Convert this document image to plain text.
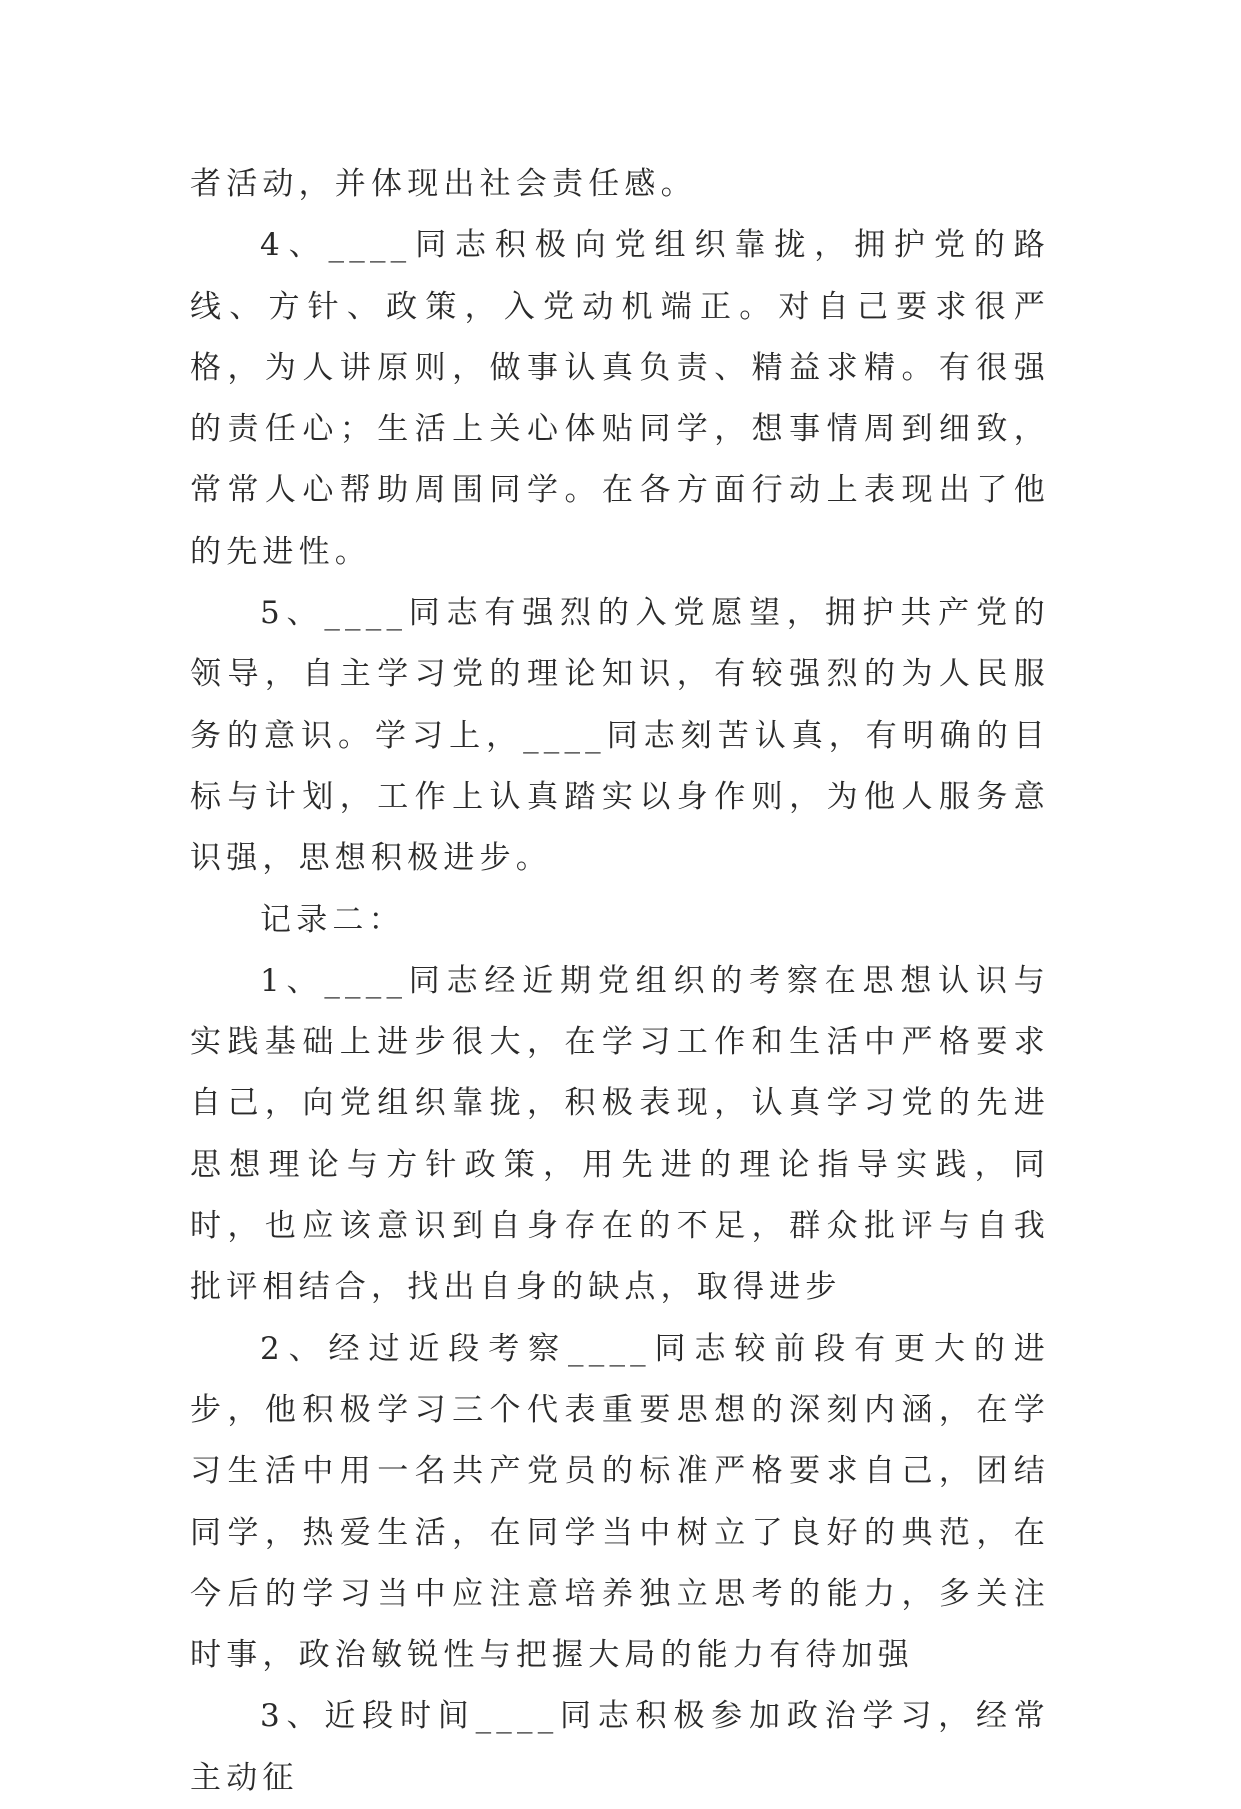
者活动，并体现出社会责任感。

4、____同志积极向党组织靠拢，拥护党的路线、方针、政策，入党动机端正。对自己要求很严格，为人讲原则，做事认真负责、精益求精。有很强的责任心；生活上关心体贴同学，想事情周到细致，常常人心帮助周围同学。在各方面行动上表现出了他的先进性。

5、____同志有强烈的入党愿望，拥护共产党的领导，自主学习党的理论知识，有较强烈的为人民服务的意识。学习上，____同志刻苦认真，有明确的目标与计划，工作上认真踏实以身作则，为他人服务意识强，思想积极进步。

记录二：

1、____同志经近期党组织的考察在思想认识与实践基础上进步很大，在学习工作和生活中严格要求自己，向党组织靠拢，积极表现，认真学习党的先进思想理论与方针政策，用先进的理论指导实践，同时，也应该意识到自身存在的不足，群众批评与自我批评相结合，找出自身的缺点，取得进步

2、经过近段考察____同志较前段有更大的进步，他积极学习三个代表重要思想的深刻内涵，在学习生活中用一名共产党员的标准严格要求自己，团结同学，热爱生活，在同学当中树立了良好的典范，在今后的学习当中应注意培养独立思考的能力，多关注时事，政治敏锐性与把握大局的能力有待加强

3、近段时间____同志积极参加政治学习，经常主动征
